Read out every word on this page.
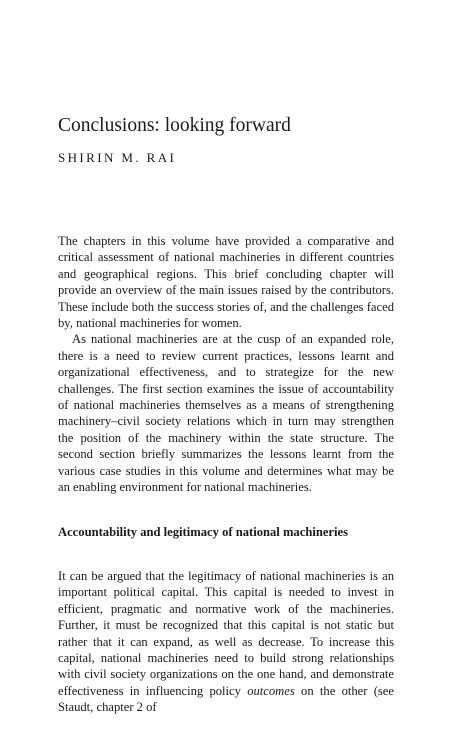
Conclusions: looking forward
SHIRIN M. RAI

The chapters in this volume have provided a comparative and critical assessment of national machineries in different countries and geographical regions. This brief concluding chapter will provide an overview of the main issues raised by the contributors. These include both the success stories of, and the challenges faced by, national machineries for women.

As national machineries are at the cusp of an expanded role, there is a need to review current practices, lessons learnt and organizational effectiveness, and to strategize for the new challenges. The first section examines the issue of accountability of national machineries themselves as a means of strengthening machinery–civil society relations which in turn may strengthen the position of the machinery within the state structure. The second section briefly summarizes the lessons learnt from the various case studies in this volume and determines what may be an enabling environment for national machineries.

Accountability and legitimacy of national machineries

It can be argued that the legitimacy of national machineries is an important political capital. This capital is needed to invest in efficient, pragmatic and normative work of the machineries. Further, it must be recognized that this capital is not static but rather that it can expand, as well as decrease. To increase this capital, national machineries need to build strong relationships with civil society organizations on the one hand, and demonstrate effectiveness in influencing policy outcomes on the other (see Staudt, chapter 2 of
